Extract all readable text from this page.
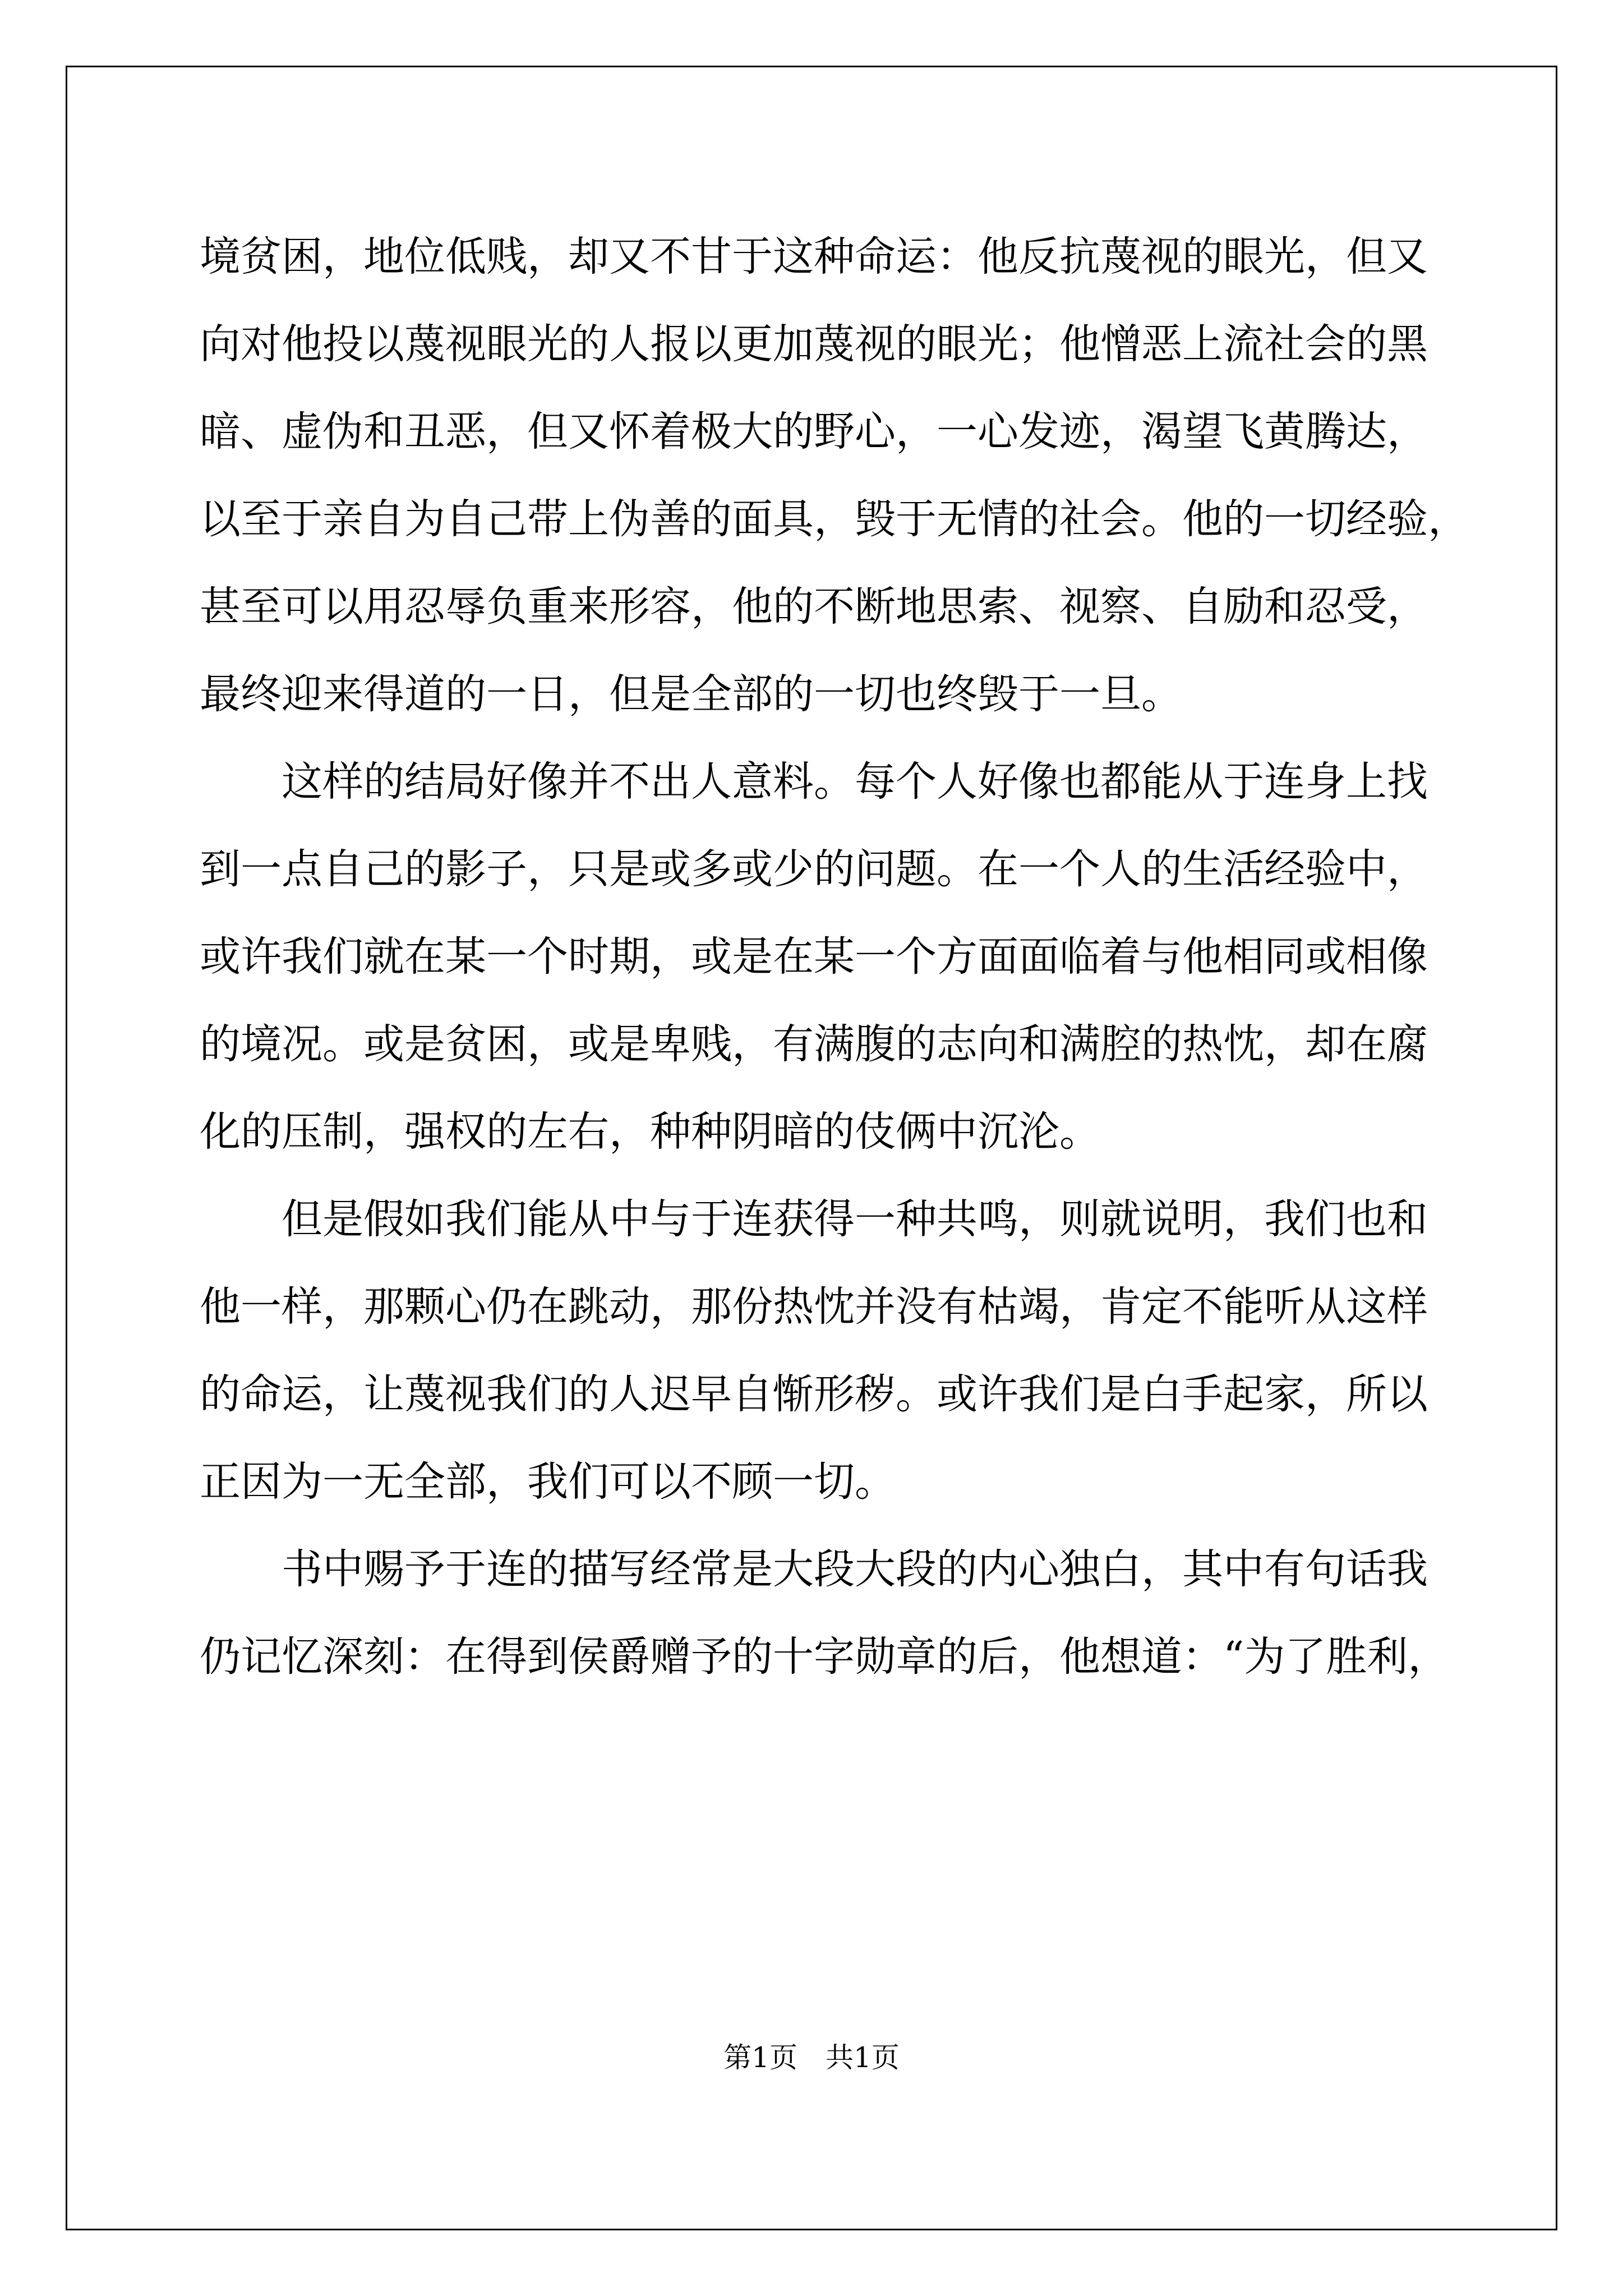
境贫困，地位低贱，却又不甘于这种命运：他反抗蔑视的眼光，但又
向对他投以蔑视眼光的人报以更加蔑视的眼光；他憎恶上流社会的黑
暗、虚伪和丑恶，但又怀着极大的野心，一心发迹，渴望飞黄腾达，
以至于亲自为自己带上伪善的面具，毁于无情的社会。他的一切经验，
甚至可以用忍辱负重来形容，他的不断地思索、视察、自励和忍受，
最终迎来得道的一日，但是全部的一切也终毁于一旦。
这样的结局好像并不出人意料。每个人好像也都能从于连身上找
到一点自己的影子，只是或多或少的问题。在一个人的生活经验中，
或许我们就在某一个时期，或是在某一个方面面临着与他相同或相像
的境况。或是贫困，或是卑贱，有满腹的志向和满腔的热忱，却在腐
化的压制，强权的左右，种种阴暗的伎俩中沉沦。
但是假如我们能从中与于连获得一种共鸣，则就说明，我们也和
他一样，那颗心仍在跳动，那份热忱并没有枯竭，肯定不能听从这样
的命运，让蔑视我们的人迟早自惭形秽。或许我们是白手起家，所以
正因为一无全部，我们可以不顾一切。
书中赐予于连的描写经常是大段大段的内心独白，其中有句话我
仍记忆深刻：在得到侯爵赠予的十字勋章的后，他想道：“为了胜利，
第1页　共1页
